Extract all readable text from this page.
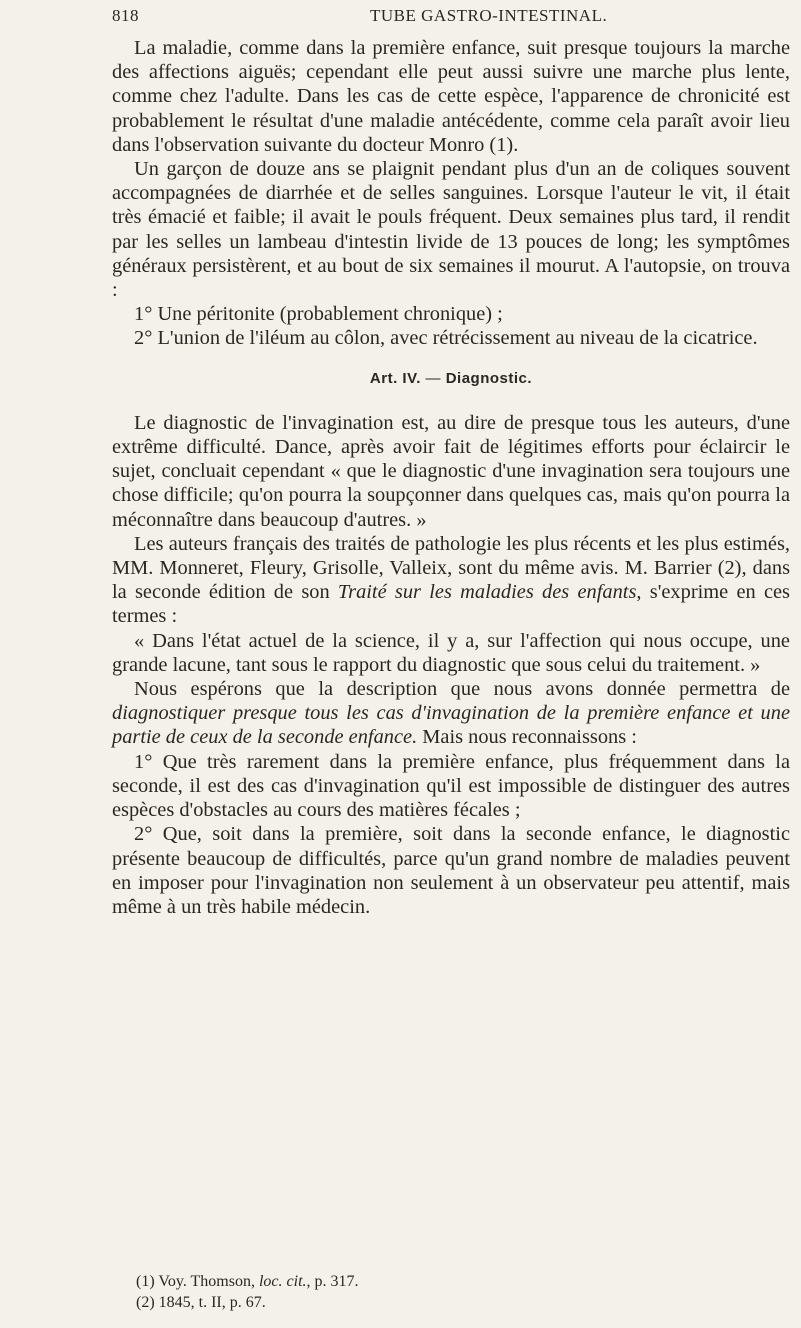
818	TUBE GASTRO-INTESTINAL.

La maladie, comme dans la première enfance, suit presque toujours la marche des affections aiguës; cependant elle peut aussi suivre une marche plus lente, comme chez l'adulte. Dans les cas de cette espèce, l'apparence de chronicité est probablement le résultat d'une maladie antécédente, comme cela paraît avoir lieu dans l'observation suivante du docteur Monro (1).

Un garçon de douze ans se plaignit pendant plus d'un an de coliques souvent accompagnées de diarrhée et de selles sanguines. Lorsque l'auteur le vit, il était très émacié et faible; il avait le pouls fréquent. Deux semaines plus tard, il rendit par les selles un lambeau d'intestin livide de 13 pouces de long; les symptômes généraux persistèrent, et au bout de six semaines il mourut. A l'autopsie, on trouva :

1° Une péritonite (probablement chronique) ;

2° L'union de l'iléum au côlon, avec rétrécissement au niveau de la cicatrice.

Art. IV. — Diagnostic.

Le diagnostic de l'invagination est, au dire de presque tous les auteurs, d'une extrême difficulté. Dance, après avoir fait de légitimes efforts pour éclaircir le sujet, concluait cependant « que le diagnostic d'une invagination sera toujours une chose difficile; qu'on pourra la soupçonner dans quelques cas, mais qu'on pourra la méconnaître dans beaucoup d'autres. »

Les auteurs français des traités de pathologie les plus récents et les plus estimés, MM. Monneret, Fleury, Grisolle, Valleix, sont du même avis. M. Barrier (2), dans la seconde édition de son Traité sur les maladies des enfants, s'exprime en ces termes :

« Dans l'état actuel de la science, il y a, sur l'affection qui nous occupe, une grande lacune, tant sous le rapport du diagnostic que sous celui du traitement. »

Nous espérons que la description que nous avons donnée permettra de diagnostiquer presque tous les cas d'invagination de la première enfance et une partie de ceux de la seconde enfance. Mais nous reconnaissons :

1° Que très rarement dans la première enfance, plus fréquemment dans la seconde, il est des cas d'invagination qu'il est impossible de distinguer des autres espèces d'obstacles au cours des matières fécales ;

2° Que, soit dans la première, soit dans la seconde enfance, le diagnostic présente beaucoup de difficultés, parce qu'un grand nombre de maladies peuvent en imposer pour l'invagination non seulement à un observateur peu attentif, mais même à un très habile médecin.

(1) Voy. Thomson, loc. cit., p. 317.
(2) 1845, t. II, p. 67.
